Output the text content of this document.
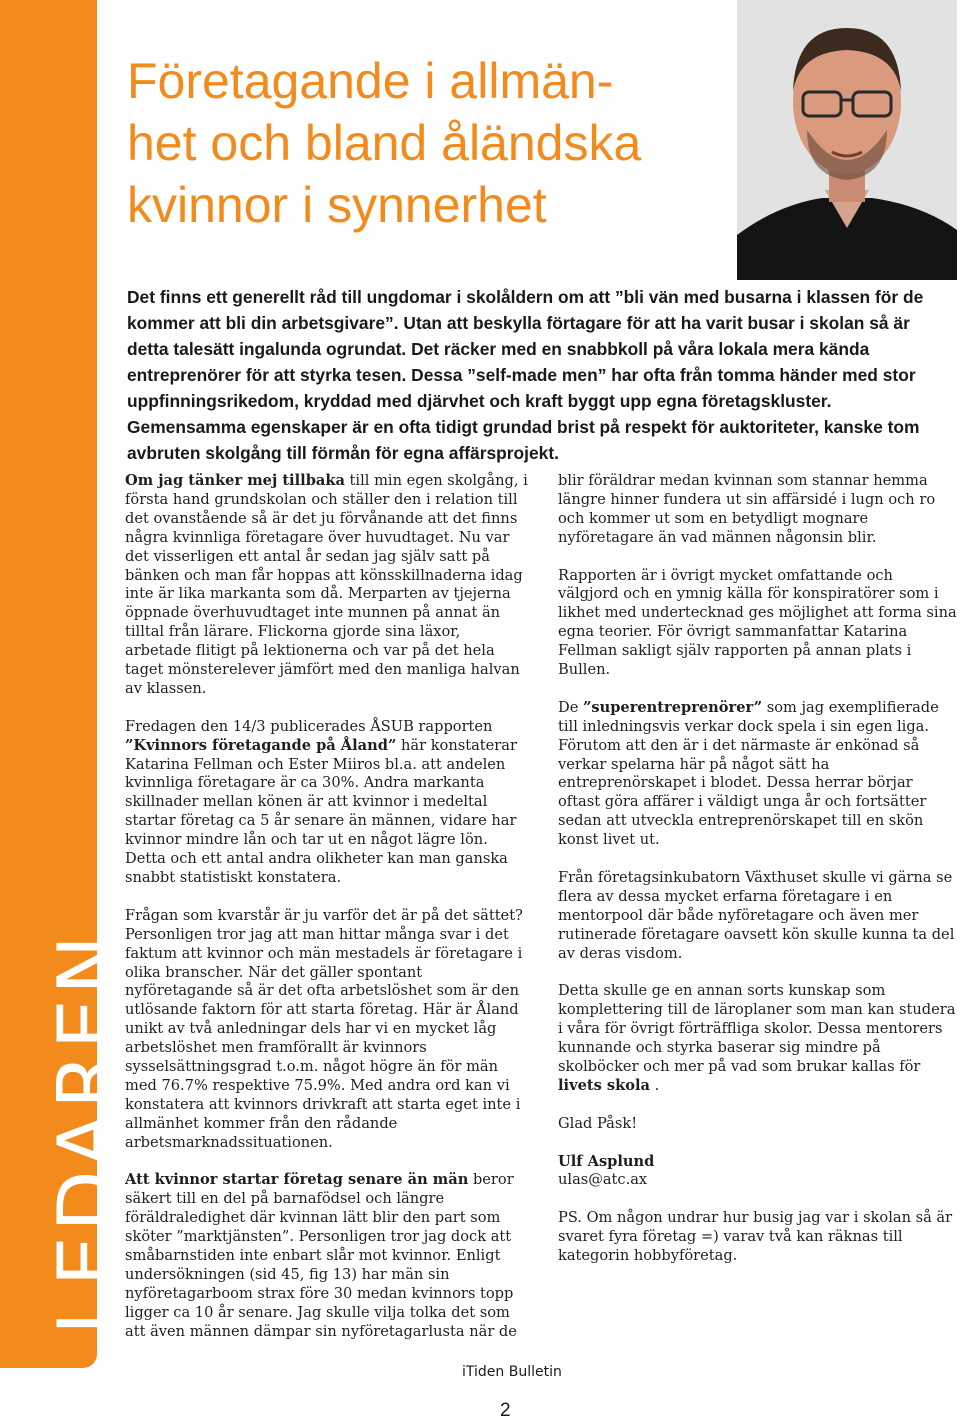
LEDAREN
Företagande i allmän-
het och bland åländska
kvinnor i synnerhet

Det finns ett generellt råd till ungdomar i skolåldern om att ”bli vän med busarna i klassen för de kommer att bli din arbetsgivare”. Utan att beskylla förtagare för att ha varit busar i skolan så är detta talesätt ingalunda ogrundat. Det räcker med en snabbkoll på våra lokala mera kända entreprenörer för att styrka tesen. Dessa ”self-made men” har ofta från tomma händer med stor uppfinningsrikedom, kryddad med djärvhet och kraft byggt upp egna företagskluster. Gemensamma egenskaper är en ofta tidigt grundad brist på respekt för auktoriteter, kanske tom avbruten skolgång till förmån för egna affärsprojekt.

Om jag tänker mej tillbaka till min egen skolgång, i första hand grundskolan och ställer den i relation till det ovanstående så är det ju förvånande att det finns några kvinnliga företagare över huvudtaget. Nu var det visserligen ett antal år sedan jag själv satt på bänken och man får hoppas att könsskillnaderna idag inte är lika markanta som då. Merparten av tjejerna öppnade överhuvudtaget inte munnen på annat än tilltal från lärare. Flickorna gjorde sina läxor, arbetade flitigt på lektionerna och var på det hela taget mönsterelever jämfört med den manliga halvan av klassen.

Fredagen den 14/3 publicerades ÅSUB rapporten ”Kvinnors företagande på Åland” här konstaterar Katarina Fellman och Ester Miiros bl.a. att andelen kvinnliga företagare är ca 30%. Andra markanta skillnader mellan könen är att kvinnor i medeltal startar företag ca 5 år senare än männen, vidare har kvinnor mindre lån och tar ut en något lägre lön. Detta och ett antal andra olikheter kan man ganska snabbt statistiskt konstatera.

Frågan som kvarstår är ju varför det är på det sättet? Personligen tror jag att man hittar många svar i det faktum att kvinnor och män mestadels är företagare i olika branscher. När det gäller spontant nyföretagande så är det ofta arbetslöshet som är den utlösande faktorn för att starta företag. Här är Åland unikt av två anledningar dels har vi en mycket låg arbetslöshet men framförallt är kvinnors sysselsättningsgrad t.o.m. något högre än för män med 76.7% respektive 75.9%. Med andra ord kan vi konstatera att kvinnors drivkraft att starta eget inte i allmänhet kommer från den rådande arbetsmarknadssituationen.

Att kvinnor startar företag senare än män beror säkert till en del på barnafödsel och längre föräldraledighet där kvinnan lätt blir den part som sköter ”marktjänsten”. Personligen tror jag dock att småbarnstiden inte enbart slår mot kvinnor. Enligt undersökningen (sid 45, fig 13) har män sin nyföretagarboom strax före 30 medan kvinnors topp ligger ca 10 år senare. Jag skulle vilja tolka det som att även männen dämpar sin nyföretagarlusta när de

blir föräldrar medan kvinnan som stannar hemma längre hinner fundera ut sin affärsidé i lugn och ro och kommer ut som en betydligt mognare nyföretagare än vad männen någonsin blir.

Rapporten är i övrigt mycket omfattande och välgjord och en ymnig källa för konspiratörer som i likhet med undertecknad ges möjlighet att forma sina egna teorier. För övrigt sammanfattar Katarina Fellman sakligt själv rapporten på annan plats i Bullen.

De ”superentreprenörer” som jag exemplifierade till inledningsvis verkar dock spela i sin egen liga. Förutom att den är i det närmaste är enkönad så verkar spelarna här på något sätt ha entreprenörskapet i blodet. Dessa herrar börjar oftast göra affärer i väldigt unga år och fortsätter sedan att utveckla entreprenörskapet till en skön konst livet ut.

Från företagsinkubatorn Växthuset skulle vi gärna se flera av dessa mycket erfarna företagare i en mentorpool där både nyföretagare och även mer rutinerade företagare oavsett kön skulle kunna ta del av deras visdom.

Detta skulle ge en annan sorts kunskap som komplettering till de läroplaner som man kan studera i våra för övrigt förträffliga skolor. Dessa mentorers kunnande och styrka baserar sig mindre på skolböcker och mer på vad som brukar kallas för livets skola .

Glad Påsk!

Ulf Asplund
ulas@atc.ax

PS. Om någon undrar hur busig jag var i skolan så är svaret fyra företag =) varav två kan räknas till kategorin hobbyföretag.

iTiden Bulletin
2
